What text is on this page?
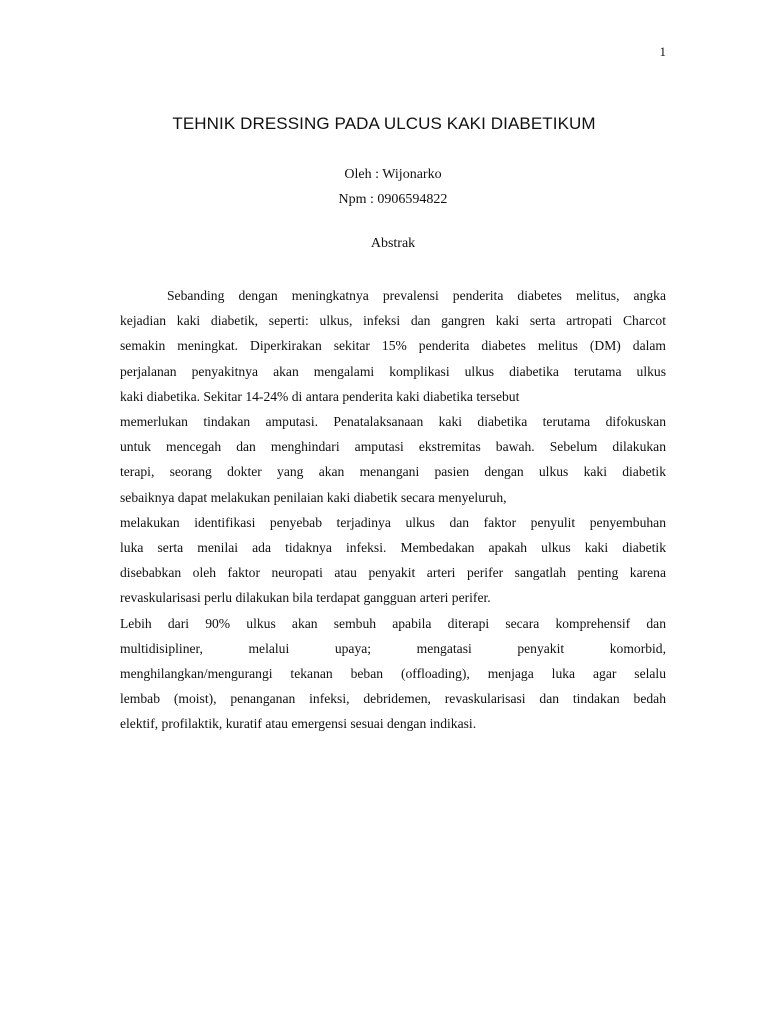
1
TEHNIK DRESSING PADA ULCUS KAKI DIABETIKUM
Oleh : Wijonarko
Npm : 0906594822
Abstrak
Sebanding dengan meningkatnya prevalensi penderita diabetes melitus, angka
kejadian kaki diabetik, seperti: ulkus, infeksi dan gangren kaki serta artropati Charcot
semakin meningkat. Diperkirakan sekitar 15% penderita diabetes melitus (DM) dalam
perjalanan penyakitnya akan mengalami komplikasi ulkus diabetika terutama ulkus
kaki diabetika. Sekitar 14-24% di antara penderita kaki diabetika tersebut
memerlukan tindakan amputasi. Penatalaksanaan kaki diabetika terutama difokuskan
untuk mencegah dan menghindari amputasi ekstremitas bawah. Sebelum dilakukan
terapi, seorang dokter yang akan menangani pasien dengan ulkus kaki diabetik
sebaiknya dapat melakukan penilaian kaki diabetik secara menyeluruh,
melakukan identifikasi penyebab terjadinya ulkus dan faktor penyulit penyembuhan
luka serta menilai ada tidaknya infeksi. Membedakan apakah ulkus kaki diabetik
disebabkan oleh faktor neuropati atau penyakit arteri perifer sangatlah penting karena
revaskularisasi perlu dilakukan bila terdapat gangguan arteri perifer.
Lebih dari 90% ulkus akan sembuh apabila diterapi secara komprehensif dan
multidisipliner, melalui upaya; mengatasi penyakit komorbid,
menghilangkan/mengurangi tekanan beban (offloading), menjaga luka agar selalu
lembab (moist), penanganan infeksi, debridemen, revaskularisasi dan tindakan bedah
elektif, profilaktik, kuratif atau emergensi sesuai dengan indikasi.
